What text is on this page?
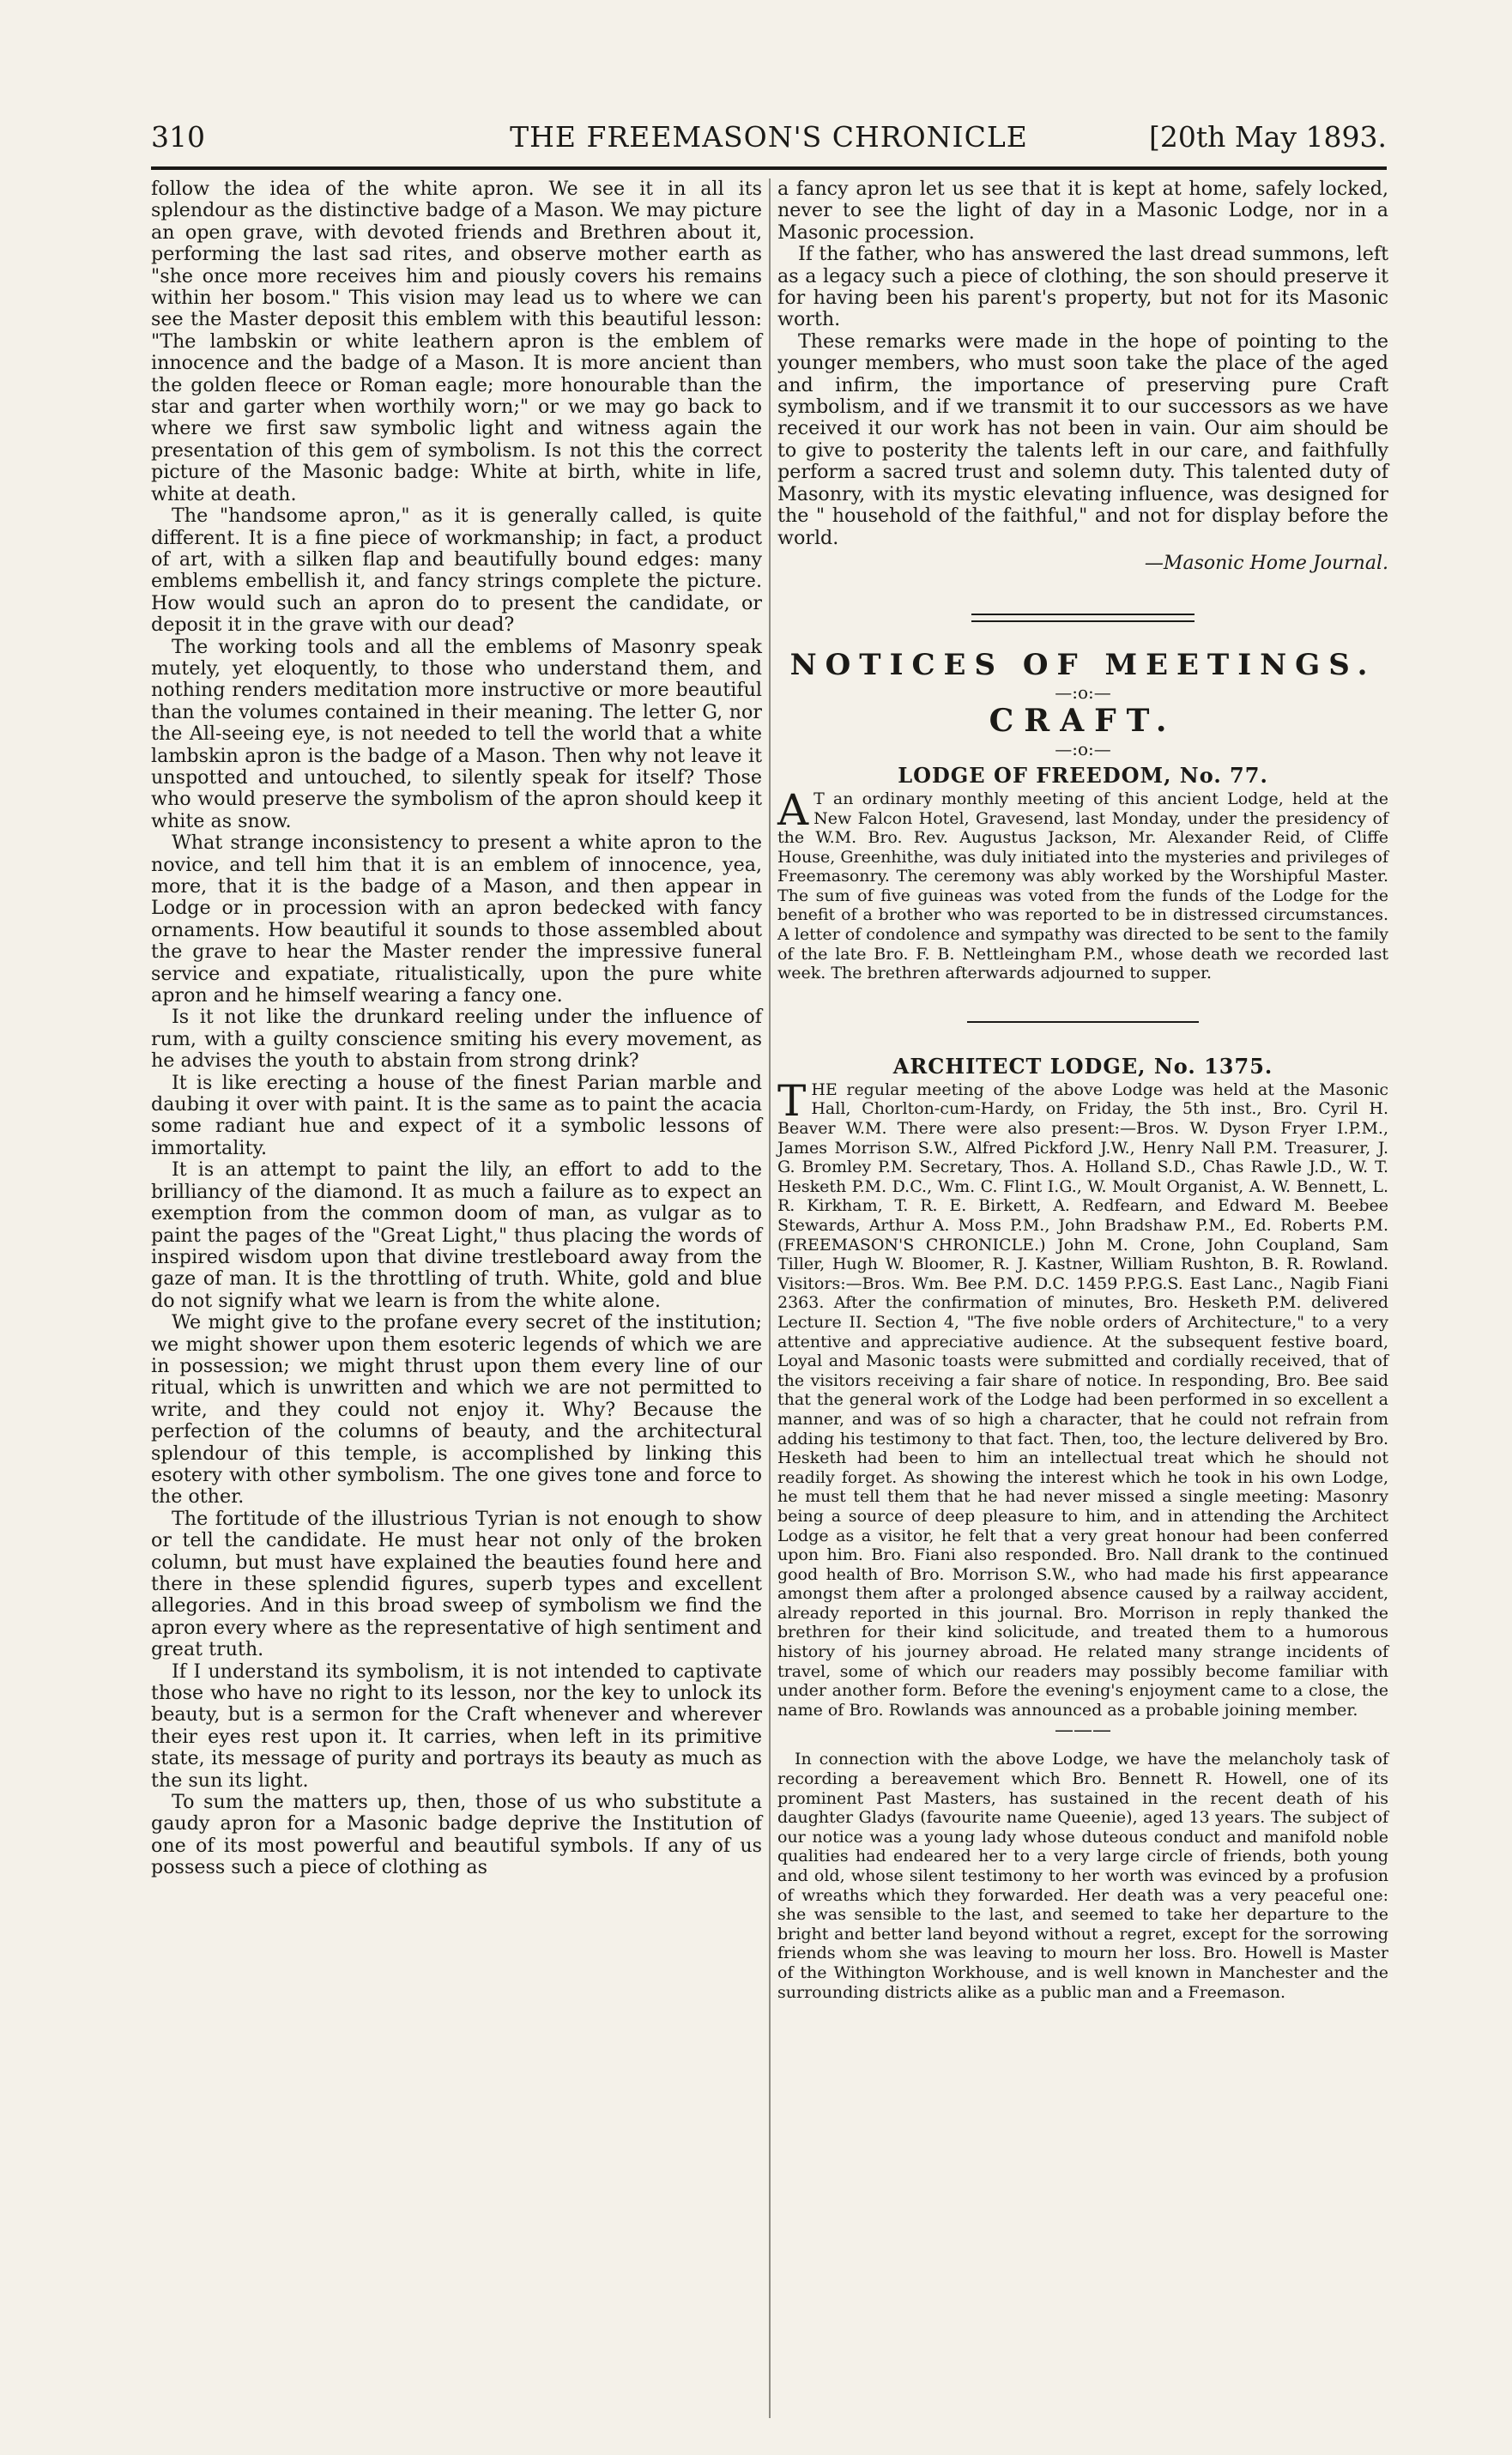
310	THE FREEMASON'S CHRONICLE	[20th May 1893.

follow the idea of the white apron. We see it in all its splendour as the distinctive badge of a Mason. We may picture an open grave, with devoted friends and Brethren about it, performing the last sad rites, and observe mother earth as "she once more receives him and piously covers his remains within her bosom." This vision may lead us to where we can see the Master deposit this emblem with this beautiful lesson: "The lambskin or white leathern apron is the emblem of innocence and the badge of a Mason. It is more ancient than the golden fleece or Roman eagle; more honourable than the star and garter when worthily worn;" or we may go back to where we first saw symbolic light and witness again the presentation of this gem of symbolism. Is not this the correct picture of the Masonic badge: White at birth, white in life, white at death.

The "handsome apron," as it is generally called, is quite different. It is a fine piece of workmanship; in fact, a product of art, with a silken flap and beautifully bound edges: many emblems embellish it, and fancy strings complete the picture. How would such an apron do to present the candidate, or deposit it in the grave with our dead?

The working tools and all the emblems of Masonry speak mutely, yet eloquently, to those who understand them, and nothing renders meditation more instructive or more beautiful than the volumes contained in their meaning. The letter G, nor the All-seeing eye, is not needed to tell the world that a white lambskin apron is the badge of a Mason. Then why not leave it unspotted and untouched, to silently speak for itself? Those who would preserve the symbolism of the apron should keep it white as snow.

What strange inconsistency to present a white apron to the novice, and tell him that it is an emblem of innocence, yea, more, that it is the badge of a Mason, and then appear in Lodge or in procession with an apron bedecked with fancy ornaments. How beautiful it sounds to those assembled about the grave to hear the Master render the impressive funeral service and expatiate, ritualistically, upon the pure white apron and he himself wearing a fancy one.

Is it not like the drunkard reeling under the influence of rum, with a guilty conscience smiting his every movement, as he advises the youth to abstain from strong drink?

It is like erecting a house of the finest Parian marble and daubing it over with paint. It is the same as to paint the acacia some radiant hue and expect of it a symbolic lessons of immortality.

It is an attempt to paint the lily, an effort to add to the brilliancy of the diamond. It as much a failure as to expect an exemption from the common doom of man, as vulgar as to paint the pages of the "Great Light," thus placing the words of inspired wisdom upon that divine trestleboard away from the gaze of man. It is the throttling of truth. White, gold and blue do not signify what we learn is from the white alone.

We might give to the profane every secret of the institution; we might shower upon them esoteric legends of which we are in possession; we might thrust upon them every line of our ritual, which is unwritten and which we are not permitted to write, and they could not enjoy it. Why? Because the perfection of the columns of beauty, and the architectural splendour of this temple, is accomplished by linking this esotery with other symbolism. The one gives tone and force to the other.

The fortitude of the illustrious Tyrian is not enough to show or tell the candidate. He must hear not only of the broken column, but must have explained the beauties found here and there in these splendid figures, superb types and excellent allegories. And in this broad sweep of symbolism we find the apron every where as the representative of high sentiment and great truth.

If I understand its symbolism, it is not intended to captivate those who have no right to its lesson, nor the key to unlock its beauty, but is a sermon for the Craft whenever and wherever their eyes rest upon it. It carries, when left in its primitive state, its message of purity and portrays its beauty as much as the sun its light.

To sum the matters up, then, those of us who substitute a gaudy apron for a Masonic badge deprive the Institution of one of its most powerful and beautiful symbols. If any of us possess such a piece of clothing as

a fancy apron let us see that it is kept at home, safely locked, never to see the light of day in a Masonic Lodge, nor in a Masonic procession.

If the father, who has answered the last dread summons, left as a legacy such a piece of clothing, the son should preserve it for having been his parent's property, but not for its Masonic worth.

These remarks were made in the hope of pointing to the younger members, who must soon take the place of the aged and infirm, the importance of preserving pure Craft symbolism, and if we transmit it to our successors as we have received it our work has not been in vain. Our aim should be to give to posterity the talents left in our care, and faithfully perform a sacred trust and solemn duty. This talented duty of Masonry, with its mystic elevating influence, was designed for the " household of the faithful," and not for display before the world.

—Masonic Home Journal.

NOTICES OF MEETINGS.

—:o:—

CRAFT.

—:o:—

LODGE OF FREEDOM, No. 77.

A T an ordinary monthly meeting of this ancient Lodge, held at the New Falcon Hotel, Gravesend, last Monday, under the presidency of the W.M. Bro. Rev. Augustus Jackson, Mr. Alexander Reid, of Cliffe House, Greenhithe, was duly initiated into the mysteries and privileges of Freemasonry. The ceremony was ably worked by the Worshipful Master. The sum of five guineas was voted from the funds of the Lodge for the benefit of a brother who was reported to be in distressed circumstances. A letter of condolence and sympathy was directed to be sent to the family of the late Bro. F. B. Nettleingham P.M., whose death we recorded last week. The brethren afterwards adjourned to supper.

ARCHITECT LODGE, No. 1375.

THE regular meeting of the above Lodge was held at the Masonic Hall, Chorlton-cum-Hardy, on Friday, the 5th inst., Bro. Cyril H. Beaver W.M. There were also present:—Bros. W. Dyson Fryer I.P.M., James Morrison S.W., Alfred Pickford J.W., Henry Nall P.M. Treasurer, J. G. Bromley P.M. Secretary, Thos. A. Holland S.D., Chas Rawle J.D., W. T. Hesketh P.M. D.C., Wm. C. Flint I.G., W. Moult Organist, A. W. Bennett, L. R. Kirkham, T. R. E. Birkett, A. Redfearn, and Edward M. Beebee Stewards, Arthur A. Moss P.M., John Bradshaw P.M., Ed. Roberts P.M. (FREEMASON'S CHRONICLE.) John M. Crone, John Coupland, Sam Tiller, Hugh W. Bloomer, R. J. Kastner, William Rushton, B. R. Rowland. Visitors:—Bros. Wm. Bee P.M. D.C. 1459 P.P.G.S. East Lanc., Nagib Fiani 2363. After the confirmation of minutes, Bro. Hesketh P.M. delivered Lecture II. Section 4, "The five noble orders of Architecture," to a very attentive and appreciative audience. At the subsequent festive board, Loyal and Masonic toasts were submitted and cordially received, that of the visitors receiving a fair share of notice. In responding, Bro. Bee said that the general work of the Lodge had been performed in so excellent a manner, and was of so high a character, that he could not refrain from adding his testimony to that fact. Then, too, the lecture delivered by Bro. Hesketh had been to him an intellectual treat which he should not readily forget. As showing the interest which he took in his own Lodge, he must tell them that he had never missed a single meeting: Masonry being a source of deep pleasure to him, and in attending the Architect Lodge as a visitor, he felt that a very great honour had been conferred upon him. Bro. Fiani also responded. Bro. Nall drank to the continued good health of Bro. Morrison S.W., who had made his first appearance amongst them after a prolonged absence caused by a railway accident, already reported in this journal. Bro. Morrison in reply thanked the brethren for their kind solicitude, and treated them to a humorous history of his journey abroad. He related many strange incidents of travel, some of which our readers may possibly become familiar with under another form. Before the evening's enjoyment came to a close, the name of Bro. Rowlands was announced as a probable joining member.

———

In connection with the above Lodge, we have the melancholy task of recording a bereavement which Bro. Bennett R. Howell, one of its prominent Past Masters, has sustained in the recent death of his daughter Gladys (favourite name Queenie), aged 13 years. The subject of our notice was a young lady whose duteous conduct and manifold noble qualities had endeared her to a very large circle of friends, both young and old, whose silent testimony to her worth was evinced by a profusion of wreaths which they forwarded. Her death was a very peaceful one: she was sensible to the last, and seemed to take her departure to the bright and better land beyond without a regret, except for the sorrowing friends whom she was leaving to mourn her loss. Bro. Howell is Master of the Withington Workhouse, and is well known in Manchester and the surrounding districts alike as a public man and a Freemason.
